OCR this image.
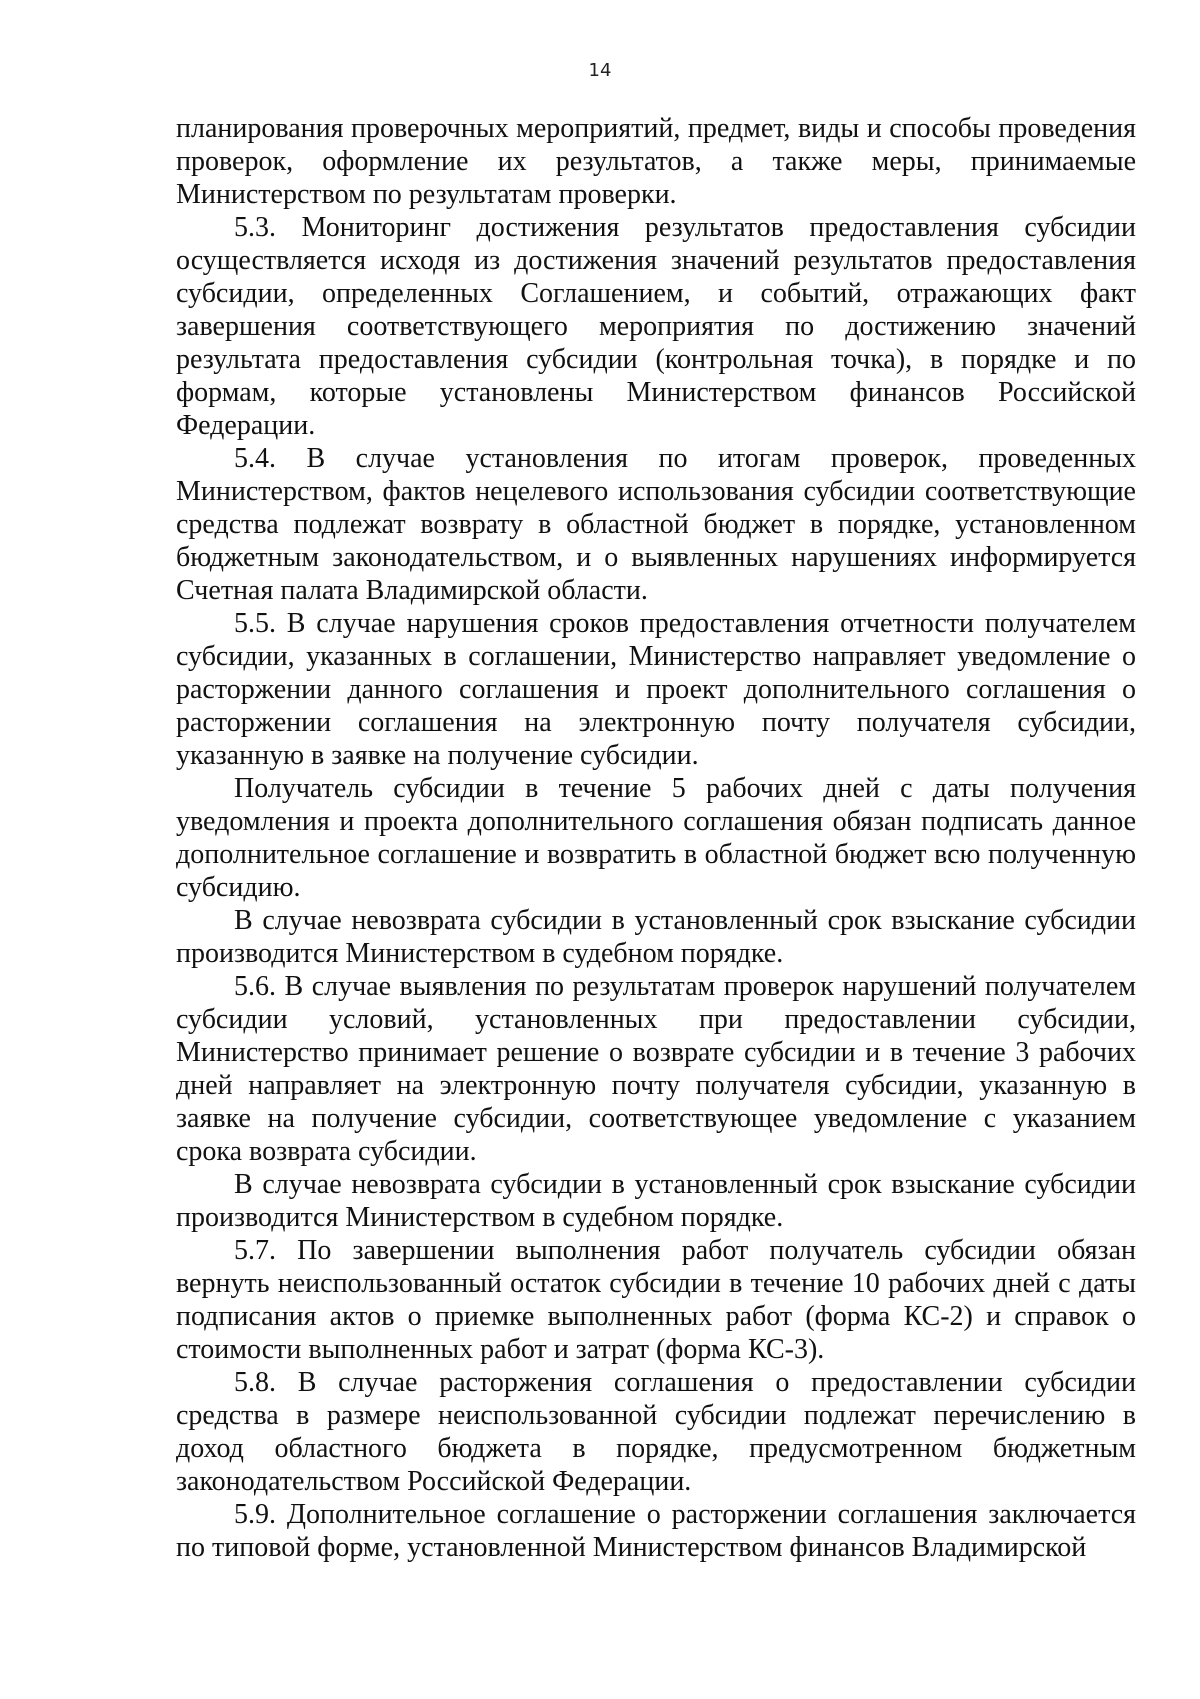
14

планирования проверочных мероприятий, предмет, виды и способы проведения проверок, оформление их результатов, а также меры, принимаемые Министерством по результатам проверки.

5.3. Мониторинг достижения результатов предоставления субсидии осуществляется исходя из достижения значений результатов предоставления субсидии, определенных Соглашением, и событий, отражающих факт завершения соответствующего мероприятия по достижению значений результата предоставления субсидии (контрольная точка), в порядке и по формам, которые установлены Министерством финансов Российской Федерации.

5.4. В случае установления по итогам проверок, проведенных Министерством, фактов нецелевого использования субсидии соответствующие средства подлежат возврату в областной бюджет в порядке, установленном бюджетным законодательством, и о выявленных нарушениях информируется Счетная палата Владимирской области.

5.5. В случае нарушения сроков предоставления отчетности получателем субсидии, указанных в соглашении, Министерство направляет уведомление о расторжении данного соглашения и проект дополнительного соглашения о расторжении соглашения на электронную почту получателя субсидии, указанную в заявке на получение субсидии.

Получатель субсидии в течение 5 рабочих дней с даты получения уведомления и проекта дополнительного соглашения обязан подписать данное дополнительное соглашение и возвратить в областной бюджет всю полученную субсидию.

В случае невозврата субсидии в установленный срок взыскание субсидии производится Министерством в судебном порядке.

5.6. В случае выявления по результатам проверок нарушений получателем субсидии условий, установленных при предоставлении субсидии, Министерство принимает решение о возврате субсидии и в течение 3 рабочих дней направляет на электронную почту получателя субсидии, указанную в заявке на получение субсидии, соответствующее уведомление с указанием срока возврата субсидии.

В случае невозврата субсидии в установленный срок взыскание субсидии производится Министерством в судебном порядке.

5.7. По завершении выполнения работ получатель субсидии обязан вернуть неиспользованный остаток субсидии в течение 10 рабочих дней с даты подписания актов о приемке выполненных работ (форма КС-2) и справок о стоимости выполненных работ и затрат (форма КС-3).

5.8. В случае расторжения соглашения о предоставлении субсидии средства в размере неиспользованной субсидии подлежат перечислению в доход областного бюджета в порядке, предусмотренном бюджетным законодательством Российской Федерации.

5.9. Дополнительное соглашение о расторжении соглашения заключается по типовой форме, установленной Министерством финансов Владимирской
